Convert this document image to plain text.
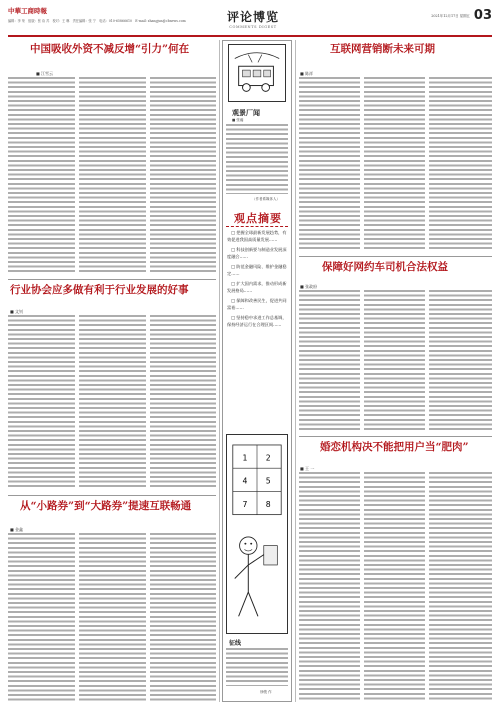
中華工商時報
编辑：李 荣　组版：张 诗 苏　校对：王 琳　责任编辑：张 宁　电话：010-65866610　E-mail: zhangjun@cbnews.com	评论博览
COMMENTS DIGEST
2021年12月17日 星期五 03
中国吸收外资不减反增“引力”何在
■ 江雪云
行业协会应多做有利于行业发展的好事
■ 文钊
从“小路券”到“大路券”提速互联畅通
■ 金鑫
观景厂闻
■ 张瀚
（作者系媒体人）
观点摘要

□ 把握全球最新发展趋势，有效促进我国高质量发展……

□ 科技创新要与制造业发展深度融合……

□ 防范金融风险、维护金融稳定……

□ 扩大国内需求，推动形成新发展格局……

□ 保障和改善民生，促进共同富裕……

□ 坚持稳中求进工作总基调，保持经济运行在合理区间……

1 2
4 5
7 8
征线
徐骏 作
互联网营销断未来可期
■ 陈祥
保障好网约车司机合法权益
■ 张政府
婚恋机构决不能把用户当“肥肉”
■ 王 一
